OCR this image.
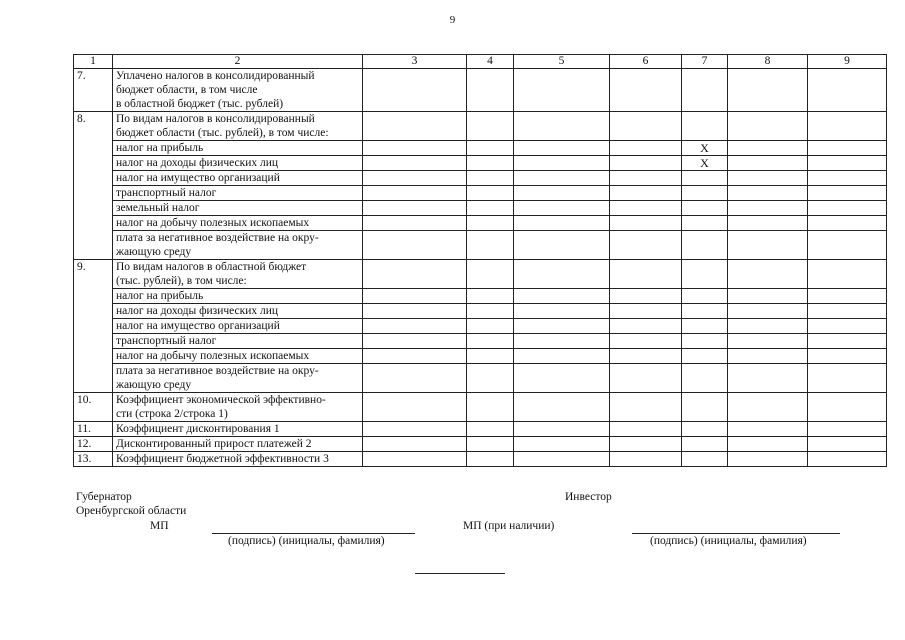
9
1	2	3	4	5	6	7	8	9
7.	Уплачено налогов в консолидированный
бюджет области, в том числе
в областной бюджет (тыс. рублей)							

8.	По видам налогов в консолидированный
бюджет области (тыс. рублей), в том числе:							

	налог на прибыль					X		

	налог на доходы физических лиц					X		

	налог на имущество организаций							

	транспортный налог							

	земельный налог							

	налог на добычу полезных ископаемых							

	плата за негативное воздействие на окру-
жающую среду							

9.	По видам налогов в областной бюджет
(тыс. рублей), в том числе:							

	налог на прибыль							

	налог на доходы физических лиц							

	налог на имущество организаций							

	транспортный налог							

	налог на добычу полезных ископаемых							

	плата за негативное воздействие на окру-
жающую среду							

10.	Коэффициент экономической эффективно-
сти (строка 2/строка 1)							

11.	Коэффициент дисконтирования 1							

12.	Дисконтированный прирост платежей 2							

13.	Коэффициент бюджетной эффективности 3							

Губернатор
Оренбургской области
МП
(подпись) (инициалы, фамилия)
Инвестор
МП (при наличии)
(подпись) (инициалы, фамилия)
